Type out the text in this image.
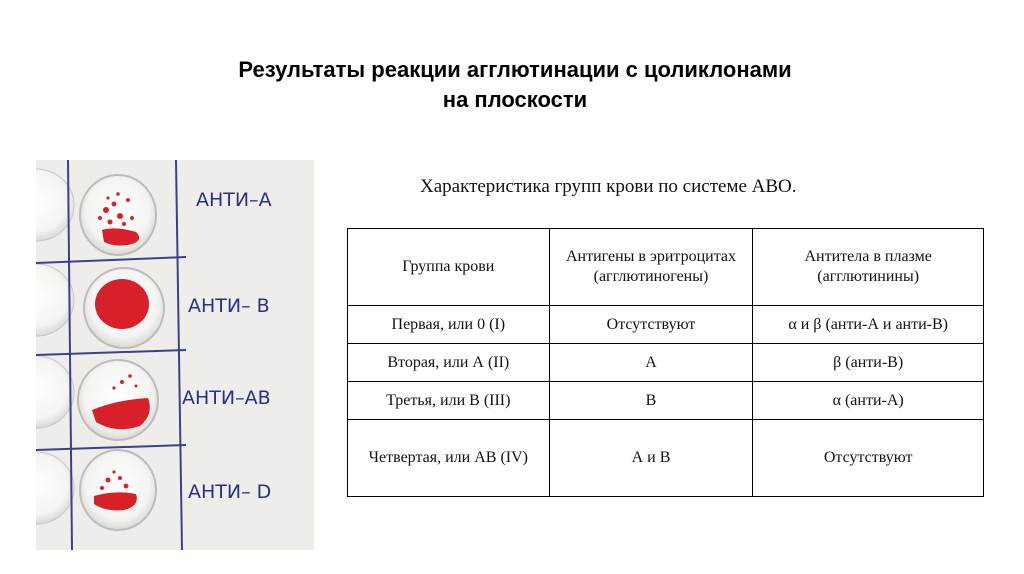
Результаты реакции агглютинации с цоликлонами
на плоскости
АНТИ–А
АНТИ– В
АНТИ–АВ
АНТИ– D
Характеристика групп крови по системе АВО.
Группа крови	Антигены в эритроцитах (агглютиногены)	Антитела в плазме (агглютинины)
Первая, или 0 (I)	Отсутствуют	α и β (анти-А и анти-В)
Вторая, или А (II)	А	β (анти-В)
Третья, или В (III)	В	α (анти-А)
Четвертая, или АВ (IV)	А и В	Отсутствуют
